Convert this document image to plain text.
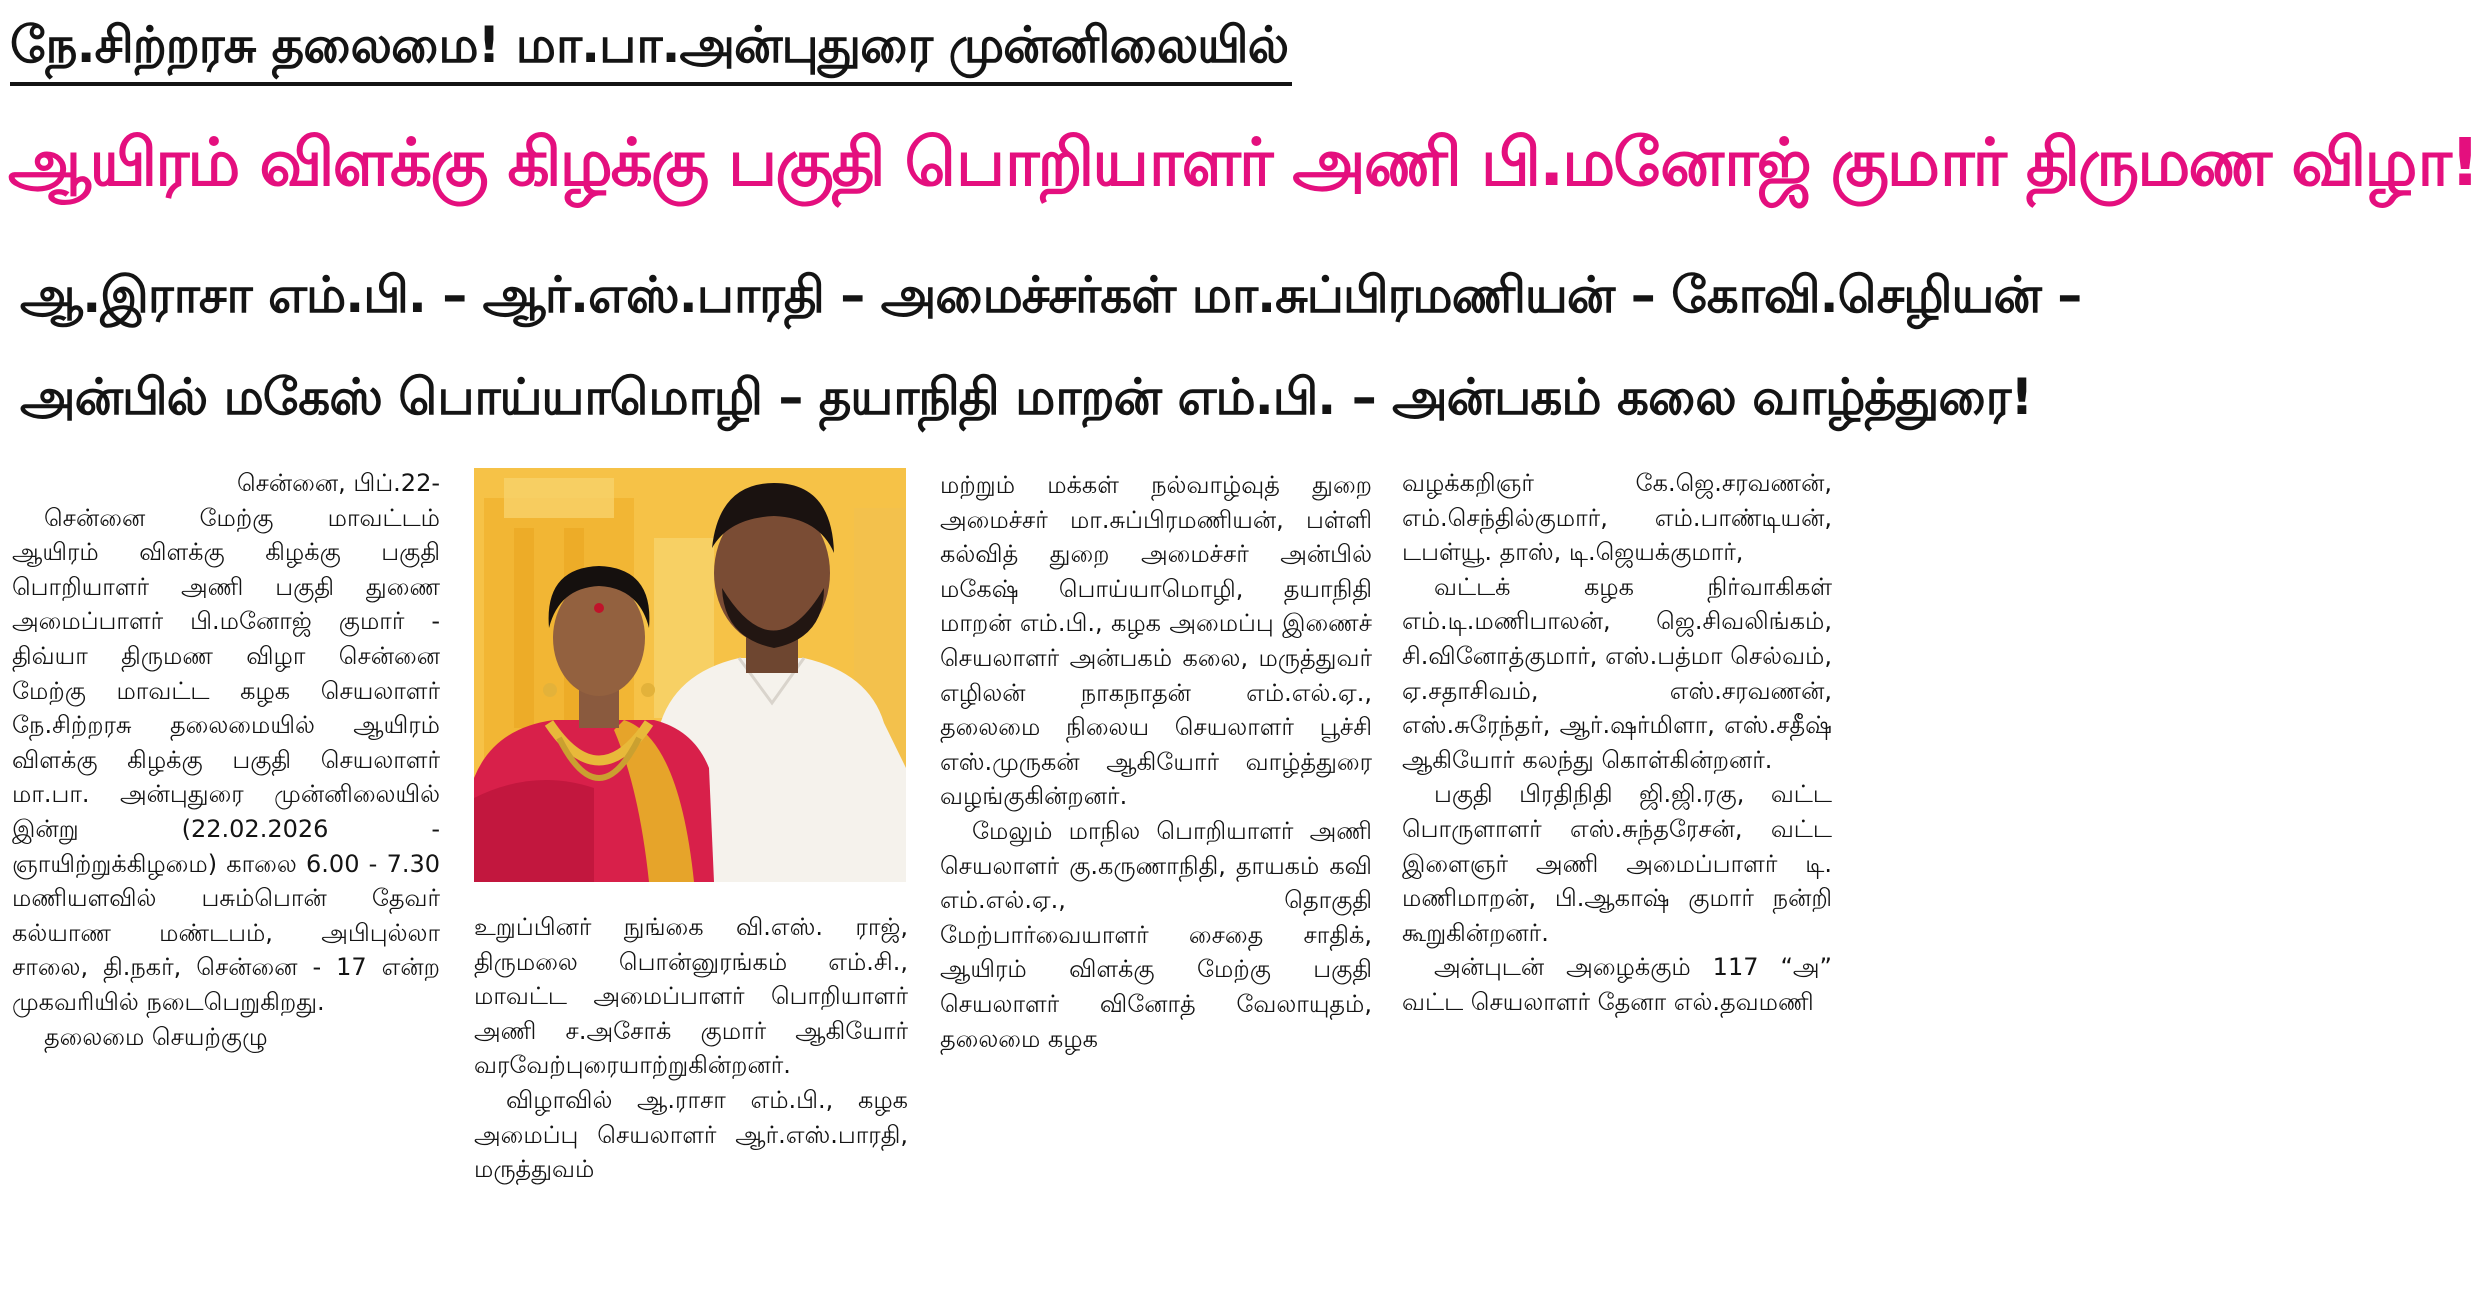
நே.சிற்றரசு தலைமை! மா.பா.அன்புதுரை முன்னிலையில்
ஆயிரம் விளக்கு கிழக்கு பகுதி பொறியாளர் அணி பி.மனோஜ் குமார் திருமண விழா!
ஆ.இராசா எம்.பி. – ஆர்.எஸ்.பாரதி – அமைச்சர்கள் மா.சுப்பிரமணியன் – கோவி.செழியன் –
அன்பில் மகேஸ் பொய்யாமொழி – தயாநிதி மாறன் எம்.பி. – அன்பகம் கலை வாழ்த்துரை!

சென்னை, பிப்.22-

சென்னை மேற்கு மாவட்டம் ஆயிரம் விளக்கு கிழக்கு பகுதி பொறியாளர் அணி பகுதி துணை அமைப்பாளர் பி.மனோஜ் குமார் - திவ்யா திருமண விழா சென்னை மேற்கு மாவட்ட கழக செயலாளர் நே.சிற்றரசு தலைமையில் ஆயிரம் விளக்கு கிழக்கு பகுதி செயலாளர் மா.பா. அன்புதுரை முன்னிலையில் இன்று (22.02.2026 - ஞாயிற்றுக்கிழமை) காலை 6.00 - 7.30 மணியளவில் பசும்பொன் தேவர் கல்யாண மண்டபம், அபிபுல்லா சாலை, தி.நகர், சென்னை - 17 என்ற முகவரியில் நடைபெறுகிறது.

தலைமை செயற்குழு

உறுப்பினர் நுங்கை வி.எஸ். ராஜ், திருமலை பொன்னுரங்கம் எம்.சி., மாவட்ட அமைப்பாளர் பொறியாளர் அணி ச.அசோக் குமார் ஆகியோர் வரவேற்புரையாற்றுகின்றனர்.

விழாவில் ஆ.ராசா எம்.பி., கழக அமைப்பு செயலாளர் ஆர்.எஸ்.பாரதி, மருத்துவம்

மற்றும் மக்கள் நல்வாழ்வுத் துறை அமைச்சர் மா.சுப்பிரமணியன், பள்ளி கல்வித் துறை அமைச்சர் அன்பில் மகேஷ் பொய்யாமொழி, தயாநிதி மாறன் எம்.பி., கழக அமைப்பு இணைச் செயலாளர் அன்பகம் கலை, மருத்துவர் எழிலன் நாகநாதன் எம்.எல்.ஏ., தலைமை நிலைய செயலாளர் பூச்சி எஸ்.முருகன் ஆகியோர் வாழ்த்துரை வழங்குகின்றனர்.

மேலும் மாநில பொறியாளர் அணி செயலாளர் கு.கருணாநிதி, தாயகம் கவி எம்.எல்.ஏ., தொகுதி மேற்பார்வையாளர் சைதை சாதிக், ஆயிரம் விளக்கு மேற்கு பகுதி செயலாளர் வினோத் வேலாயுதம், தலைமை கழக

வழக்கறிஞர் கே.ஜெ.சரவணன், எம்.செந்தில்குமார், எம்.பாண்டியன், டபள்யூ. தாஸ், டி.ஜெயக்குமார்,

வட்டக் கழக நிர்வாகிகள் எம்.டி.மணிபாலன், ஜெ.சிவலிங்கம், சி.வினோத்குமார், எஸ்.பத்மா செல்வம், ஏ.சதாசிவம், எஸ்.சரவணன், எஸ்.சுரேந்தர், ஆர்.ஷர்மிளா, எஸ்.சதீஷ் ஆகியோர் கலந்து கொள்கின்றனர்.

பகுதி பிரதிநிதி ஜி.ஜி.ரகு, வட்ட பொருளாளர் எஸ்.சுந்தரேசன், வட்ட இளைஞர் அணி அமைப்பாளர் டி. மணிமாறன், பி.ஆகாஷ் குமார் நன்றி கூறுகின்றனர்.

அன்புடன் அழைக்கும் 117 “அ” வட்ட செயலாளர் தேனா எல்.தவமணி
